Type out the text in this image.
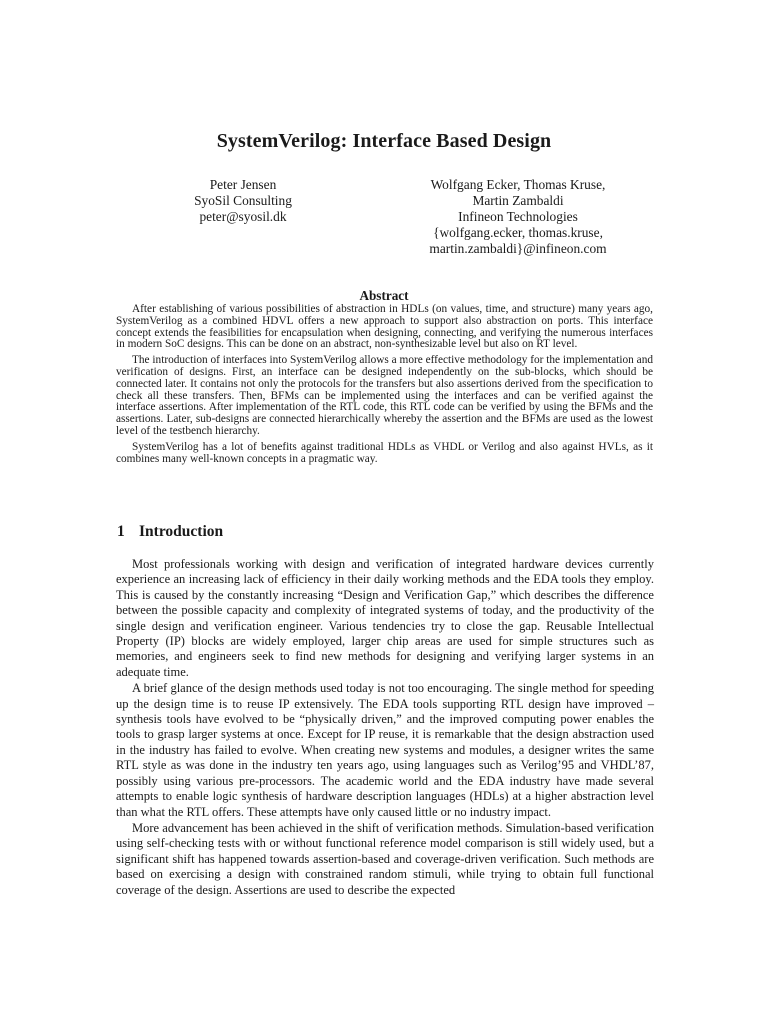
SystemVerilog: Interface Based Design
Peter Jensen
SyoSil Consulting
peter@syosil.dk
Wolfgang Ecker, Thomas Kruse,
Martin Zambaldi
Infineon Technologies
{wolfgang.ecker, thomas.kruse,
martin.zambaldi}@infineon.com
Abstract

After establishing of various possibilities of abstraction in HDLs (on values, time, and structure) many years ago, SystemVerilog as a combined HDVL offers a new approach to support also abstraction on ports. This interface concept extends the feasibilities for encapsulation when designing, connecting, and verifying the numerous interfaces in modern SoC designs. This can be done on an abstract, non-synthesizable level but also on RT level.

The introduction of interfaces into SystemVerilog allows a more effective methodology for the implementation and verification of designs. First, an interface can be designed independently on the sub-blocks, which should be connected later. It contains not only the protocols for the transfers but also assertions derived from the specification to check all these transfers. Then, BFMs can be implemented using the interfaces and can be verified against the interface assertions. After implementation of the RTL code, this RTL code can be verified by using the BFMs and the assertions. Later, sub-designs are connected hierarchically whereby the assertion and the BFMs are used as the lowest level of the testbench hierarchy.

SystemVerilog has a lot of benefits against traditional HDLs as VHDL or Verilog and also against HVLs, as it combines many well-known concepts in a pragmatic way.

1 Introduction

Most professionals working with design and verification of integrated hardware devices currently experience an increasing lack of efficiency in their daily working methods and the EDA tools they employ. This is caused by the constantly increasing “Design and Verification Gap,” which describes the difference between the possible capacity and complexity of integrated systems of today, and the productivity of the single design and verification engineer. Various tendencies try to close the gap. Reusable Intellectual Property (IP) blocks are widely employed, larger chip areas are used for simple structures such as memories, and engineers seek to find new methods for designing and verifying larger systems in an adequate time.

A brief glance of the design methods used today is not too encouraging. The single method for speeding up the design time is to reuse IP extensively. The EDA tools supporting RTL design have improved – synthesis tools have evolved to be “physically driven,” and the improved computing power enables the tools to grasp larger systems at once. Except for IP reuse, it is remarkable that the design abstraction used in the industry has failed to evolve. When creating new systems and modules, a designer writes the same RTL style as was done in the industry ten years ago, using languages such as Verilog’95 and VHDL’87, possibly using various pre-processors. The academic world and the EDA industry have made several attempts to enable logic synthesis of hardware description languages (HDLs) at a higher abstraction level than what the RTL offers. These attempts have only caused little or no industry impact.

More advancement has been achieved in the shift of verification methods. Simulation-based verification using self-checking tests with or without functional reference model comparison is still widely used, but a significant shift has happened towards assertion-based and coverage-driven verification. Such methods are based on exercising a design with constrained random stimuli, while trying to obtain full functional coverage of the design. Assertions are used to describe the expected
